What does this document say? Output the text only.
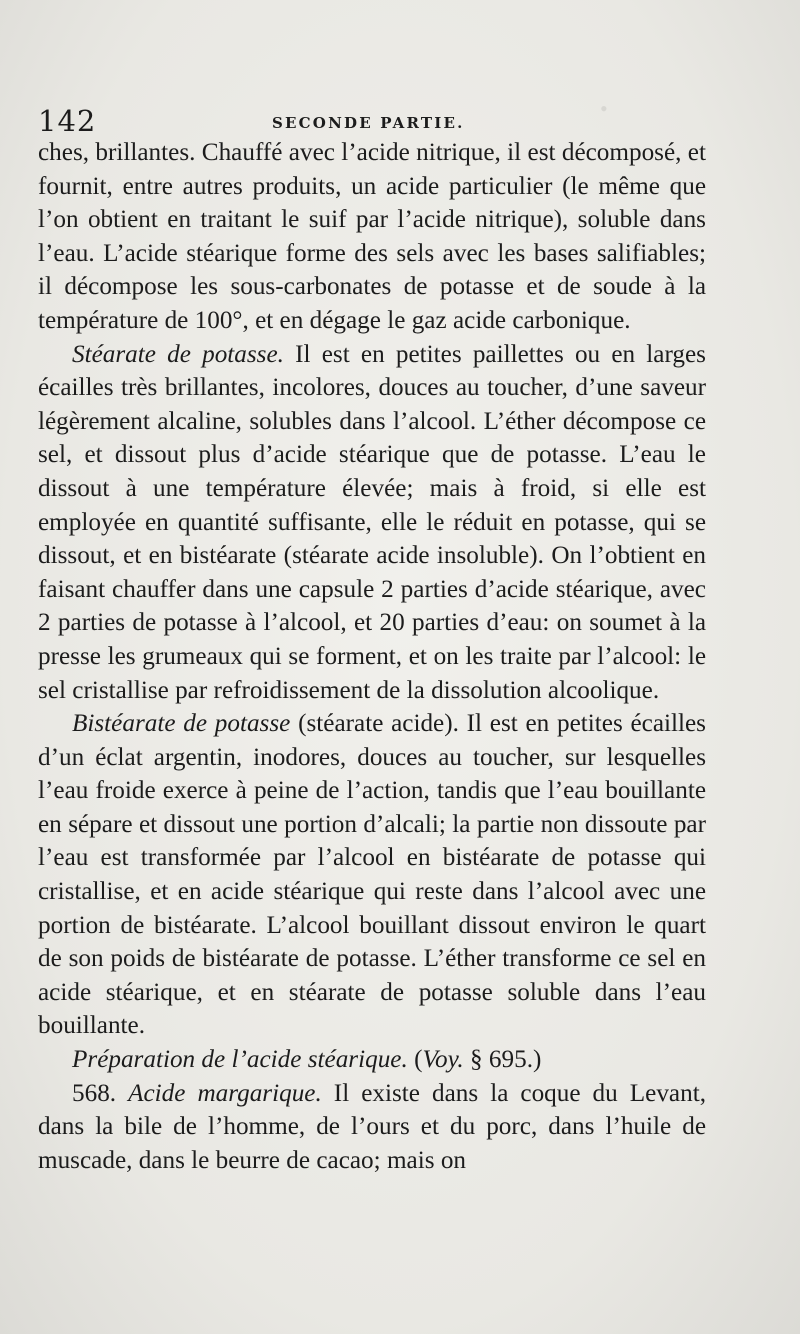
•
142	SECONDE PARTIE.

ches, brillantes. Chauffé avec l’acide nitrique, il est décomposé, et fournit, entre autres produits, un acide particulier (le même que l’on obtient en traitant le suif par l’acide nitrique), soluble dans l’eau. L’acide stéarique forme des sels avec les bases salifiables; il décompose les sous-carbonates de potasse et de soude à la température de 100°, et en dégage le gaz acide carbonique.

Stéarate de potasse. Il est en petites paillettes ou en larges écailles très brillantes, incolores, douces au toucher, d’une saveur légèrement alcaline, solubles dans l’alcool. L’éther décompose ce sel, et dissout plus d’acide stéarique que de potasse. L’eau le dissout à une température élevée; mais à froid, si elle est employée en quantité suffisante, elle le réduit en potasse, qui se dissout, et en bistéarate (stéarate acide insoluble). On l’obtient en faisant chauffer dans une capsule 2 parties d’acide stéarique, avec 2 parties de potasse à l’alcool, et 20 parties d’eau: on soumet à la presse les grumeaux qui se forment, et on les traite par l’alcool: le sel cristallise par refroidissement de la dissolution alcoolique.

Bistéarate de potasse (stéarate acide). Il est en petites écailles d’un éclat argentin, inodores, douces au toucher, sur lesquelles l’eau froide exerce à peine de l’action, tandis que l’eau bouillante en sépare et dissout une portion d’alcali; la partie non dissoute par l’eau est transformée par l’alcool en bistéarate de potasse qui cristallise, et en acide stéarique qui reste dans l’alcool avec une portion de bistéarate. L’alcool bouillant dissout environ le quart de son poids de bistéarate de potasse. L’éther transforme ce sel en acide stéarique, et en stéarate de potasse soluble dans l’eau bouillante.

Préparation de l’acide stéarique. (Voy. § 695.)

568. Acide margarique. Il existe dans la coque du Levant, dans la bile de l’homme, de l’ours et du porc, dans l’huile de muscade, dans le beurre de cacao; mais on
